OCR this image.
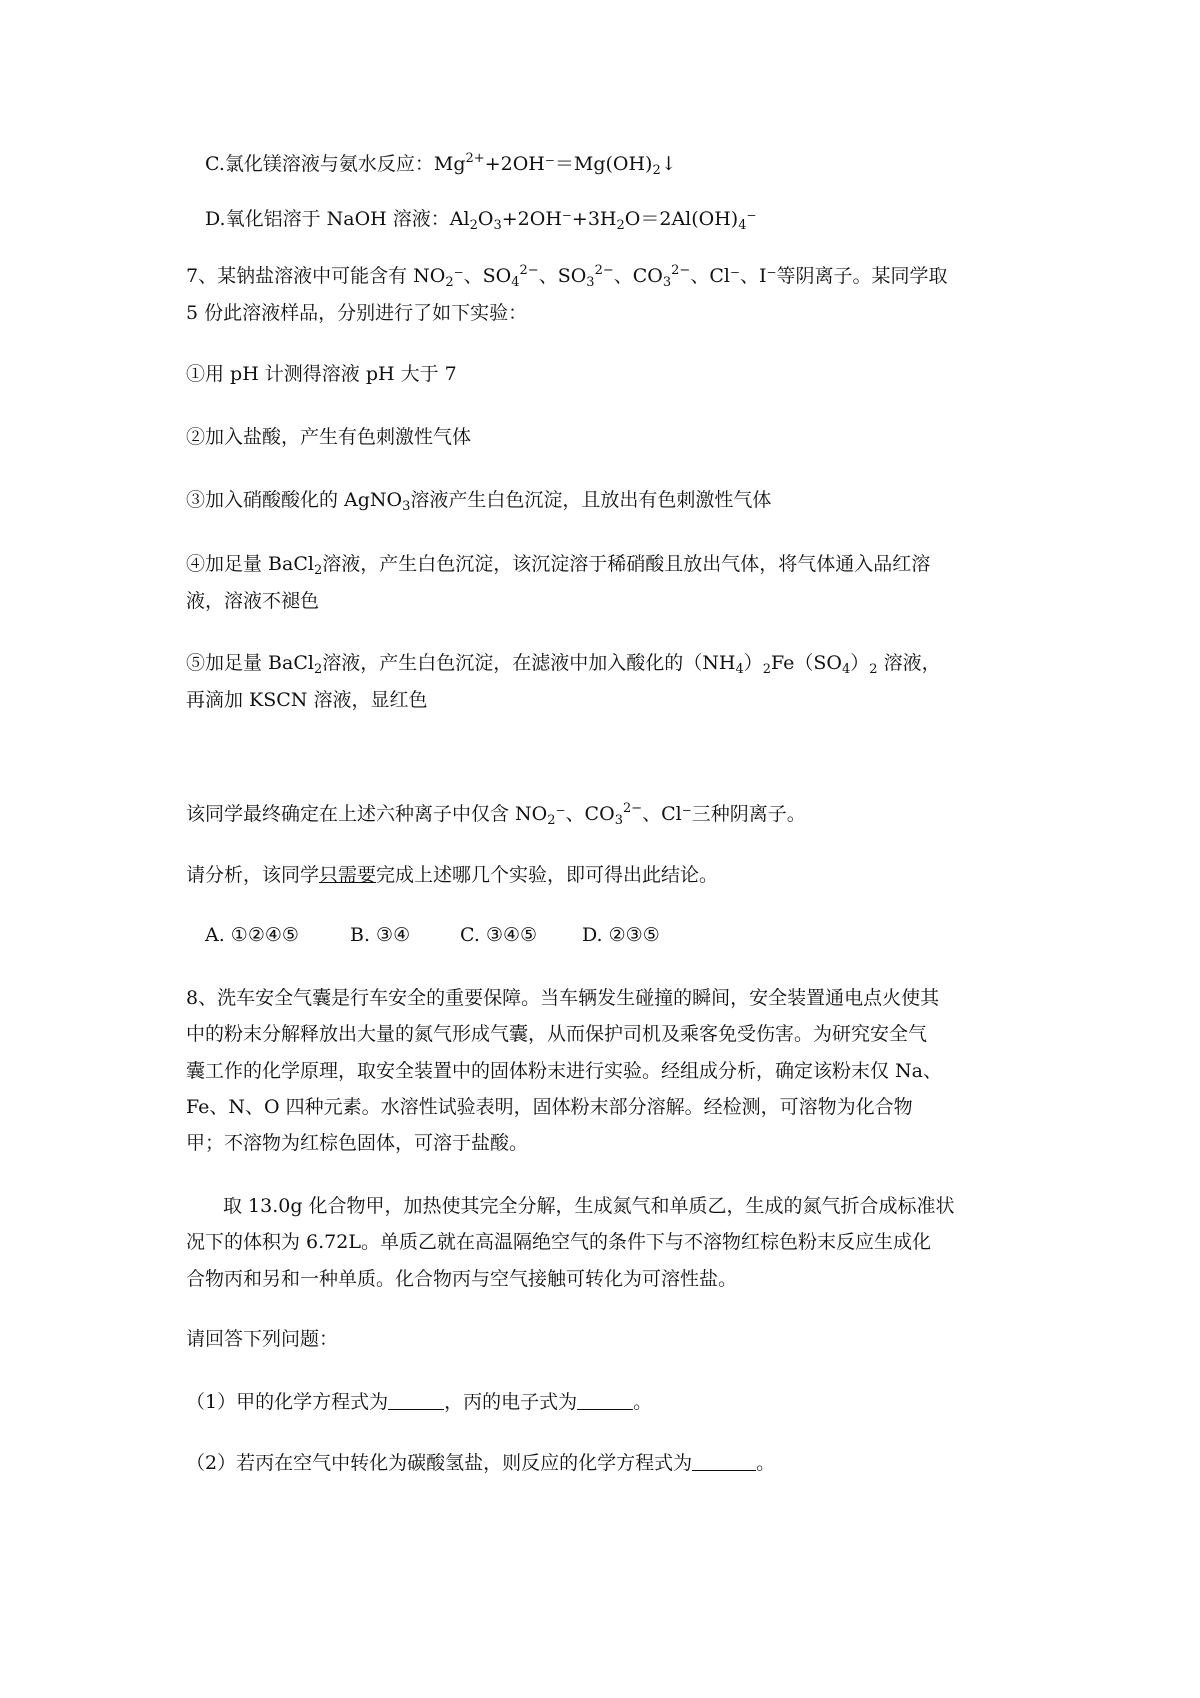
C.氯化镁溶液与氨水反应：$Mg^{2+}+2OH^-=Mg(OH)_2↓$
D.氧化铝溶于 NaOH 溶液：$Al_2O_3+2OH^-+3H_2O=2Al(OH)_4^-$
7、某钠盐溶液中可能含有 $NO_2^-$、$SO_4^{2-}$、$SO_3^{2-}$、$CO_3^{2-}$、Cl⁻、I⁻等阴离子。某同学取
5 份此溶液样品，分别进行了如下实验：
①用 pH 计测得溶液 pH 大于 7
②加入盐酸，产生有色刺激性气体
③加入硝酸酸化的 AgNO$_3$溶液产生白色沉淀，且放出有色刺激性气体
④加足量 BaCl$_2$溶液，产生白色沉淀，该沉淀溶于稀硝酸且放出气体，将气体通入品红溶
液，溶液不褪色
⑤加足量 BaCl$_2$溶液，产生白色沉淀，在滤液中加入酸化的$(NH_4)_2Fe(SO_4)_2$ 溶液，
再滴加 KSCN 溶液，显红色
该同学最终确定在上述六种离子中仅含 $NO_2^-$、$CO_3^{2-}$、Cl⁻三种阴离子。
请分析，该同学只需要完成上述哪几个实验，即可得出此结论。
A. ①②④⑤	B. ③④	C. ③④⑤ D. ②③⑤
8、洗车安全气囊是行车安全的重要保障。当车辆发生碰撞的瞬间，安全装置通电点火使其
中的粉末分解释放出大量的氮气形成气囊，从而保护司机及乘客免受伤害。为研究安全气
囊工作的化学原理，取安全装置中的固体粉末进行实验。经组成分析，确定该粉末仅 Na、
Fe、N、O 四种元素。水溶性试验表明，固体粉末部分溶解。经检测，可溶物为化合物
甲；不溶物为红棕色固体，可溶于盐酸。
取 13.0g 化合物甲，加热使其完全分解，生成氮气和单质乙，生成的氮气折合成标准状
况下的体积为 6.72L。单质乙就在高温隔绝空气的条件下与不溶物红棕色粉末反应生成化
合物丙和另和一种单质。化合物丙与空气接触可转化为可溶性盐。
请回答下列问题：
（1）甲的化学方程式为	，丙的电子式为	。
（2）若丙在空气中转化为碳酸氢盐，则反应的化学方程式为	。
